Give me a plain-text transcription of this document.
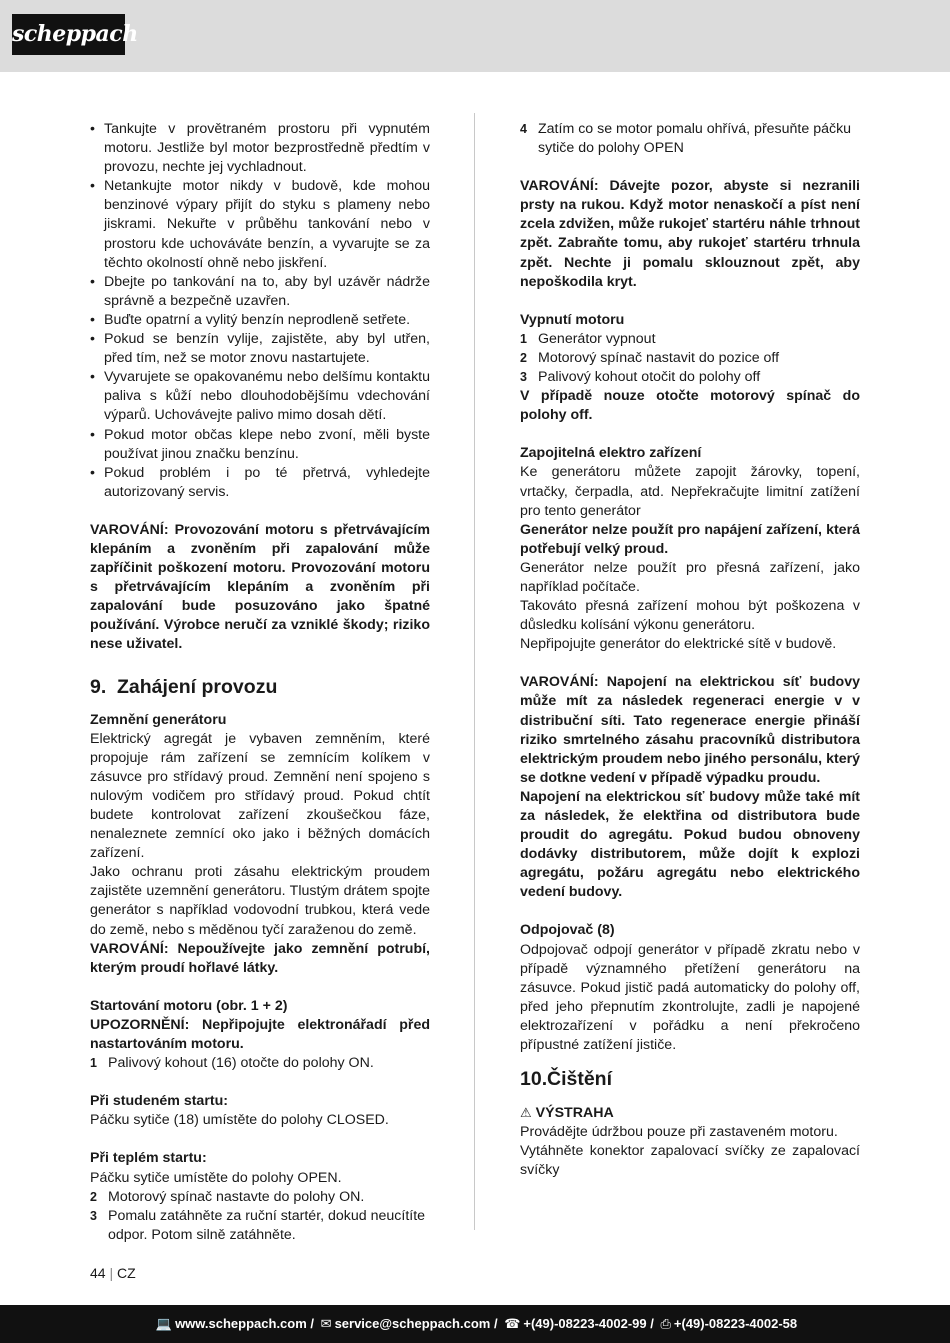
scheppach
• Tankujte v provětraném prostoru při vypnutém motoru. Jestliže byl motor bezprostředně předtím v provozu, nechte jej vychladnout.
• Netankujte motor nikdy v budově, kde mohou benzinové výpary přijít do styku s plameny nebo jiskrami. Nekuřte v průběhu tankování nebo v prostoru kde uchováváte benzín, a vyvarujte se za těchto okolností ohně nebo jiskření.
• Dbejte po tankování na to, aby byl uzávěr nádrže správně a bezpečně uzavřen.
• Buďte opatrní a vylitý benzín neprodleně setřete.
• Pokud se benzín vylije, zajistěte, aby byl utřen, před tím, než se motor znovu nastartujete.
• Vyvarujete se opakovanému nebo delšímu kontaktu paliva s kůží nebo dlouhodobějšímu vdechování výparů. Uchovávejte palivo mimo dosah dětí.
• Pokud motor občas klepe nebo zvoní, měli byste používat jinou značku benzínu.
• Pokud problém i po té přetrvá, vyhledejte autorizovaný servis.

VAROVÁNÍ: Provozování motoru s přetrvávajícím klepáním a zvoněním při zapalování může zapříčinit poškození motoru. Provozování motoru s přetrvávajícím klepáním a zvoněním při zapalování bude posuzováno jako špatné používání. Výrobce neručí za vzniklé škody; riziko nese uživatel.

9. Zahájení provozu

Zemnění generátoru

Elektrický agregát je vybaven zemněním, které propojuje rám zařízení se zemnícím kolíkem v zásuvce pro střídavý proud. Zemnění není spojeno s nulovým vodičem pro střídavý proud. Pokud chtít budete kontrolovat zařízení zkoušečkou fáze, nenaleznete zemnící oko jako i běžných domácích zařízení.

Jako ochranu proti zásahu elektrickým proudem zajistěte uzemnění generátoru. Tlustým drátem spojte generátor s například vodovodní trubkou, která vede do země, nebo s měděnou tyčí zaraženou do země.

VAROVÁNÍ: Nepoužívejte jako zemnění potrubí, kterým proudí hořlavé látky.

Startování motoru (obr. 1 + 2)

UPOZORNĚNÍ: Nepřipojujte elektronářadí před nastartováním motoru.

1 Palivový kohout (16) otočte do polohy ON.

Při studeném startu:

Páčku sytiče (18) umístěte do polohy CLOSED.

Při teplém startu:

Páčku sytiče umístěte do polohy OPEN.

2 Motorový spínač nastavte do polohy ON.
3 Pomalu zatáhněte za ruční startér, dokud neucítíte odpor. Potom silně zatáhněte.
4 Zatím co se motor pomalu ohřívá, přesuňte páčku sytiče do polohy OPEN

VAROVÁNÍ: Dávejte pozor, abyste si nezranili prsty na rukou. Když motor nenaskočí a píst není zcela zdvižen, může rukojeť startéru náhle trhnout zpět. Zabraňte tomu, aby rukojeť startéru trhnula zpět. Nechte ji pomalu sklouznout zpět, aby nepoškodila kryt.

Vypnutí motoru

1 Generátor vypnout
2 Motorový spínač nastavit do pozice off
3 Palivový kohout otočit do polohy off

V případě nouze otočte motorový spínač do polohy off.

Zapojitelná elektro zařízení

Ke generátoru můžete zapojit žárovky, topení, vrtačky, čerpadla, atd. Nepřekračujte limitní zatížení pro tento generátor

Generátor nelze použít pro napájení zařízení, která potřebují velký proud.

Generátor nelze použít pro přesná zařízení, jako například počítače.

Takováto přesná zařízení mohou být poškozena v důsledku kolísání výkonu generátoru.

Nepřipojujte generátor do elektrické sítě v budově.

VAROVÁNÍ: Napojení na elektrickou síť budovy může mít za následek regeneraci energie v v distribuční síti. Tato regenerace energie přináší riziko smrtelného zásahu pracovníků distributora elektrickým proudem nebo jiného personálu, který se dotkne vedení v případě výpadku proudu.

Napojení na elektrickou síť budovy může také mít za následek, že elektřina od distributora bude proudit do agregátu. Pokud budou obnoveny dodávky distributorem, může dojít k explozi agregátu, požáru agregátu nebo elektrického vedení budovy.

Odpojovač (8)

Odpojovač odpojí generátor v případě zkratu nebo v případě významného přetížení generátoru na zásuvce. Pokud jistič padá automaticky do polohy off, před jeho přepnutím zkontrolujte, zadli je napojené elektrozařízení v pořádku a není překročeno přípustné zatížení jističe.

10.Čištění

⚠ VÝSTRAHA

Provádějte údržbou pouze při zastaveném motoru.

Vytáhněte konektor zapalovací svíčky ze zapalovací svíčky

44 | CZ
💻 www.scheppach.com / ✉ service@scheppach.com / ☎ +(49)-08223-4002-99 / ⎙ +(49)-08223-4002-58
